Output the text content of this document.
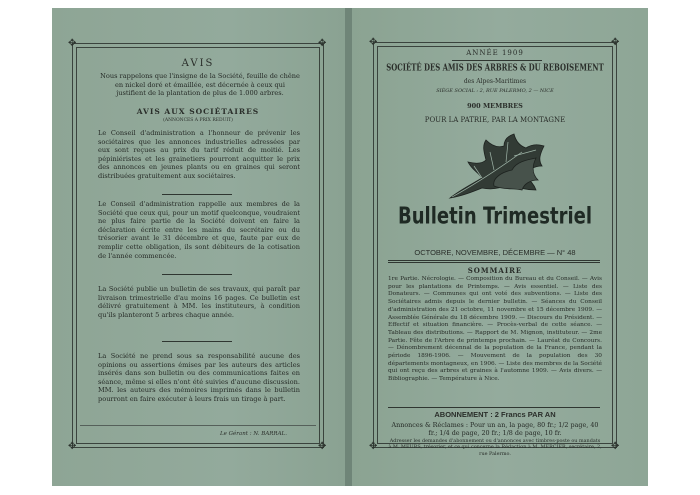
✥	✥
✥	✥
AVIS
Nous rappelons que l'insigne de la Société, feuille de chêne en nickel doré et émaillée, est décernée à ceux qui justifient de la plantation de plus de 1.000 arbres.
AVIS AUX SOCIÉTAIRES
(ANNONCES A PRIX REDUIT)
Le Conseil d'administration a l'honneur de prévenir les sociétaires que les annonces industrielles adressées par eux sont reçues au prix du tarif réduit de moitié. Les pépiniéristes et les grainetiers pourront acquitter le prix des annonces en jeunes plants ou en graines qui seront distribuées gratuitement aux sociétaires.
Le Conseil d'administration rappelle aux membres de la Société que ceux qui, pour un motif quelconque, voudraient ne plus faire partie de la Société doivent en faire la déclaration écrite entre les mains du secrétaire ou du trésorier avant le 31 décembre et que, faute par eux de remplir cette obligation, ils sont débiteurs de la cotisation de l'année commencée.
La Société publie un bulletin de ses travaux, qui paraît par livraison trimestrielle d'au moins 16 pages. Ce bulletin est délivré gratuitement à MM. les instituteurs, à condition qu'ils planteront 5 arbres chaque année.
La Société ne prend sous sa responsabilité aucune des opinions ou assertions émises par les auteurs des articles insérés dans son bulletin ou des communications faites en séance, même si elles n'ont été suivies d'aucune discussion. MM. les auteurs des mémoires imprimés dans le bulletin pourront en faire exécuter à leurs frais un tirage à part.
Le Gérant : N. BARRAL.
✥	✥
✥	✥
ANNÉE 1909
SOCIÉTÉ DES AMIS DES ARBRES & DU REBOISEMENT
des Alpes-Maritimes
SIÈGE SOCIAL : 2, RUE PALERMO, 2 — NICE
900 MEMBRES
POUR LA PATRIE, PAR LA MONTAGNE
Bulletin Trimestriel
OCTOBRE, NOVEMBRE, DÉCEMBRE — N° 48
SOMMAIRE
1re Partie. Nécrologie. — Composition du Bureau et du Conseil. — Avis pour les plantations de Printemps. — Avis essentiel. — Liste des Donateurs. — Communes qui ont voté des subventions. — Liste des Sociétaires admis depuis le dernier bulletin. — Séances du Conseil d'administration des 21 octobre, 11 novembre et 15 décembre 1909. — Assemblée Générale du 18 décembre 1909. — Discours du Président. — Effectif et situation financière. — Procès-verbal de cette séance. — Tableau des distributions. — Rapport de M. Mignon, instituteur. — 2me Partie. Fête de l'Arbre de printemps prochain. — Lauréat du Concours. — Dénombrement décennal de la population de la France, pendant la période 1896-1906. — Mouvement de la population des 30 départements montagneux, en 1906. — Liste des membres de la Société qui ont reçu des arbres et graines à l'automne 1909. — Avis divers. — Bibliographie. — Température à Nice.
ABONNEMENT : 2 Francs PAR AN
Annonces & Réclames : Pour un an, la page, 80 fr.; 1/2 page, 40 fr.; 1/4 de page, 20 fr.; 1/8 de page, 10 fr.
Adresser les demandes d'abonnement ou d'annonces avec timbres-poste ou mandats à M. MEURS, trésorier, et ce qui concerne la Rédaction à M. MERCIER, secrétaire, 2, rue Palermo.
